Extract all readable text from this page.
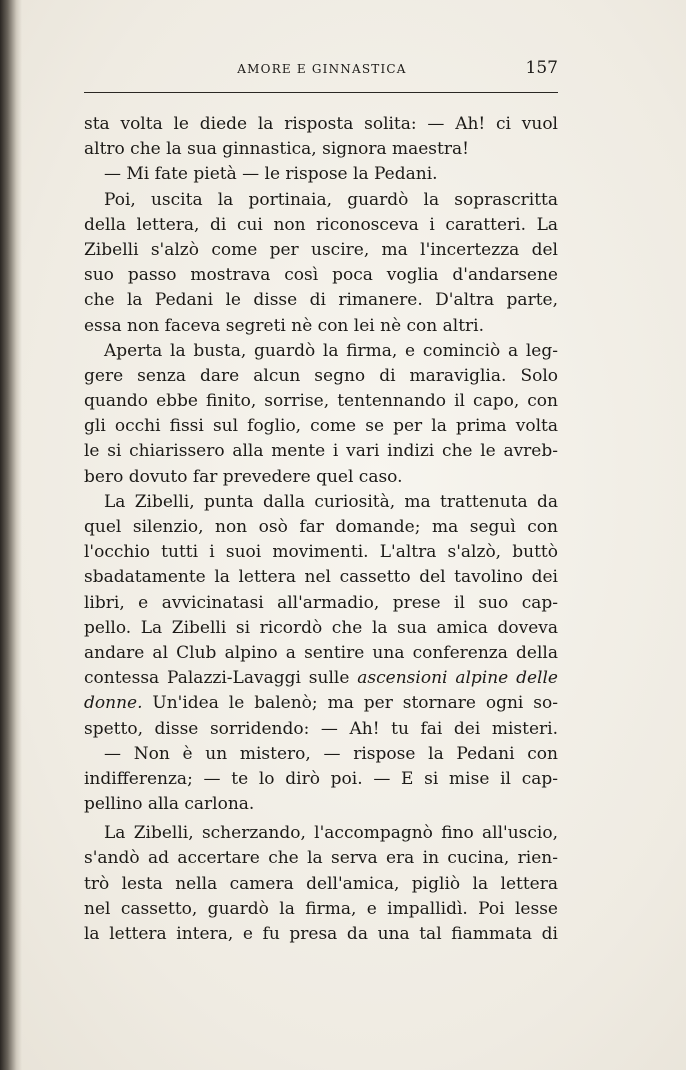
AMORE E GINNASTICA	157
sta volta le diede la risposta solita: — Ah! ci vuol
altro che la sua ginnastica, signora maestra!
— Mi fate pietà — le rispose la Pedani.
Poi, uscita la portinaia, guardò la soprascritta
della lettera, di cui non riconosceva i caratteri. La
Zibelli s'alzò come per uscire, ma l'incertezza del
suo passo mostrava così poca voglia d'andarsene
che la Pedani le disse di rimanere. D'altra parte,
essa non faceva segreti nè con lei nè con altri.
Aperta la busta, guardò la firma, e cominciò a leg-
gere senza dare alcun segno di maraviglia. Solo
quando ebbe finito, sorrise, tentennando il capo, con
gli occhi fissi sul foglio, come se per la prima volta
le si chiarissero alla mente i vari indizi che le avreb-
bero dovuto far prevedere quel caso.
La Zibelli, punta dalla curiosità, ma trattenuta da
quel silenzio, non osò far domande; ma seguì con
l'occhio tutti i suoi movimenti. L'altra s'alzò, buttò
sbadatamente la lettera nel cassetto del tavolino dei
libri, e avvicinatasi all'armadio, prese il suo cap-
pello. La Zibelli si ricordò che la sua amica doveva
andare al Club alpino a sentire una conferenza della
contessa Palazzi-Lavaggi sulle ascensioni alpine delle
donne. Un'idea le balenò; ma per stornare ogni so-
spetto, disse sorridendo: — Ah! tu fai dei misteri.
— Non è un mistero, — rispose la Pedani con
indifferenza; — te lo dirò poi. — E si mise il cap-
pellino alla carlona.
La Zibelli, scherzando, l'accompagnò fino all'uscio,
s'andò ad accertare che la serva era in cucina, rien-
trò lesta nella camera dell'amica, pigliò la lettera
nel cassetto, guardò la firma, e impallidì. Poi lesse
la lettera intera, e fu presa da una tal fiammata di
